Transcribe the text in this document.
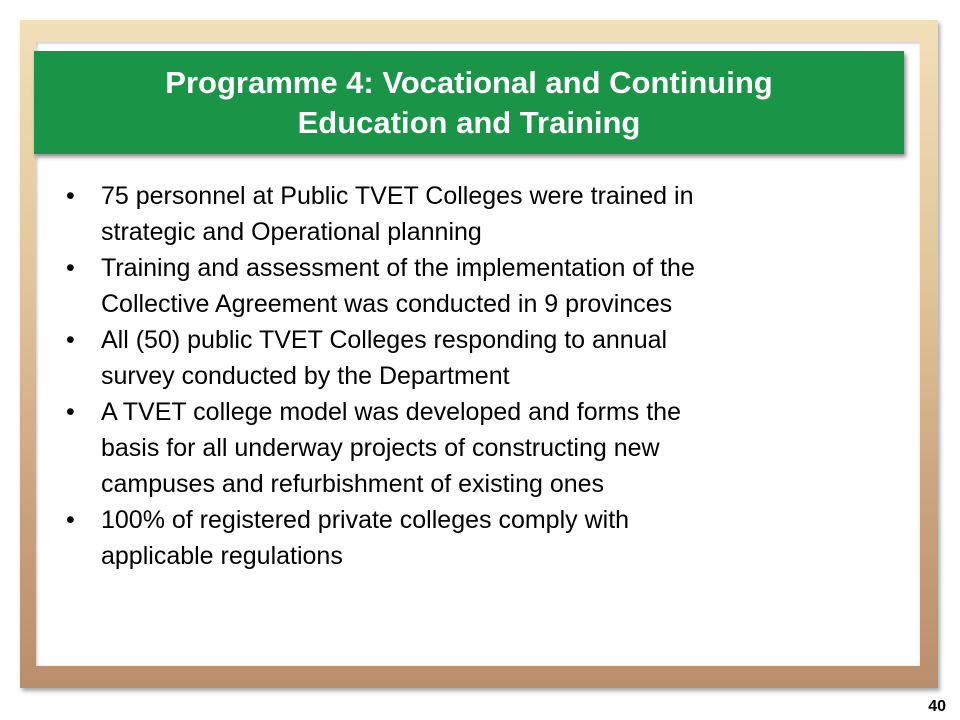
Programme 4: Vocational and Continuing
Education and Training
•	75 personnel at Public TVET Colleges were trained in
strategic and Operational planning
•	Training and assessment of the implementation of the
Collective Agreement was conducted in 9 provinces
•	All (50) public TVET Colleges responding to annual
survey conducted by the Department
•	A TVET college model was developed and forms the
basis for all underway projects of constructing new
campuses and refurbishment of existing ones
•	100% of registered private colleges comply with
applicable regulations
40
